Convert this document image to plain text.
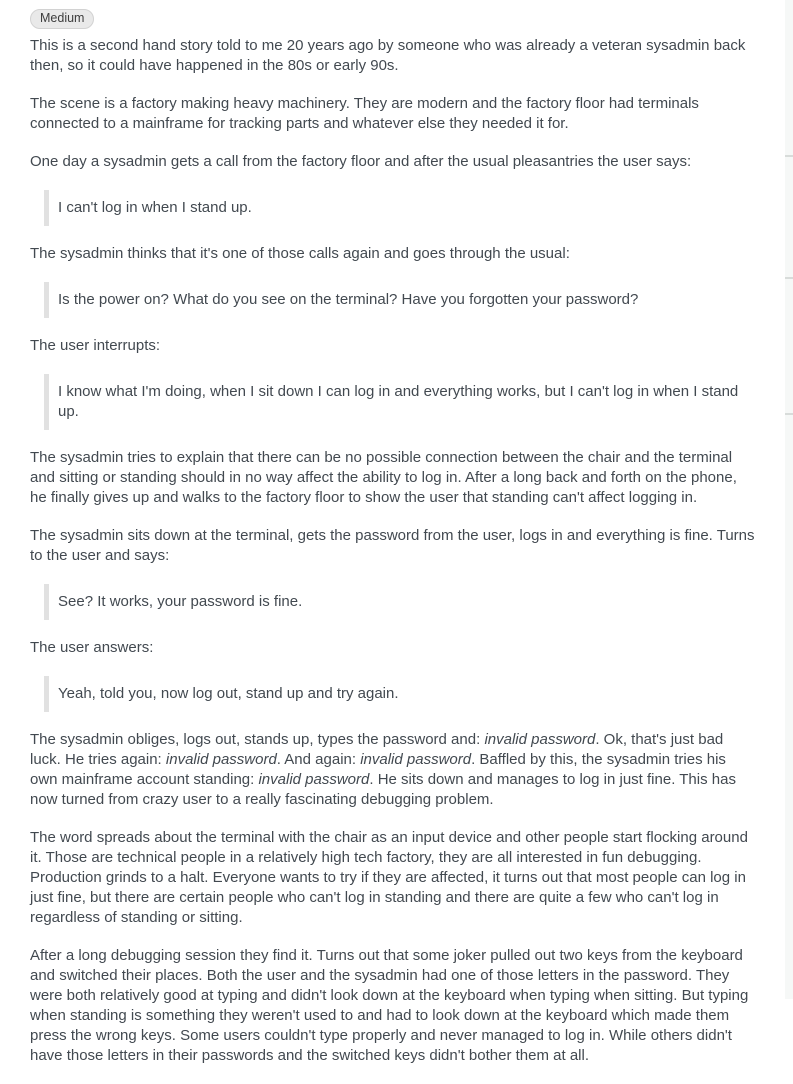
Medium

This is a second hand story told to me 20 years ago by someone who was already a veteran sysadmin back then, so it could have happened in the 80s or early 90s.

The scene is a factory making heavy machinery. They are modern and the factory floor had terminals connected to a mainframe for tracking parts and whatever else they needed it for.

One day a sysadmin gets a call from the factory floor and after the usual pleasantries the user says:

I can't log in when I stand up.

The sysadmin thinks that it's one of those calls again and goes through the usual:

Is the power on? What do you see on the terminal? Have you forgotten your password?

The user interrupts:

I know what I'm doing, when I sit down I can log in and everything works, but I can't log in when I stand up.

The sysadmin tries to explain that there can be no possible connection between the chair and the terminal and sitting or standing should in no way affect the ability to log in. After a long back and forth on the phone, he finally gives up and walks to the factory floor to show the user that standing can't affect logging in.

The sysadmin sits down at the terminal, gets the password from the user, logs in and everything is fine. Turns to the user and says:

See? It works, your password is fine.

The user answers:

Yeah, told you, now log out, stand up and try again.

The sysadmin obliges, logs out, stands up, types the password and: invalid password. Ok, that's just bad luck. He tries again: invalid password. And again: invalid password. Baffled by this, the sysadmin tries his own mainframe account standing: invalid password. He sits down and manages to log in just fine. This has now turned from crazy user to a really fascinating debugging problem.

The word spreads about the terminal with the chair as an input device and other people start flocking around it. Those are technical people in a relatively high tech factory, they are all interested in fun debugging. Production grinds to a halt. Everyone wants to try if they are affected, it turns out that most people can log in just fine, but there are certain people who can't log in standing and there are quite a few who can't log in regardless of standing or sitting.

After a long debugging session they find it. Turns out that some joker pulled out two keys from the keyboard and switched their places. Both the user and the sysadmin had one of those letters in the password. They were both relatively good at typing and didn't look down at the keyboard when typing when sitting. But typing when standing is something they weren't used to and had to look down at the keyboard which made them press the wrong keys. Some users couldn't type properly and never managed to log in. While others didn't have those letters in their passwords and the switched keys didn't bother them at all.
